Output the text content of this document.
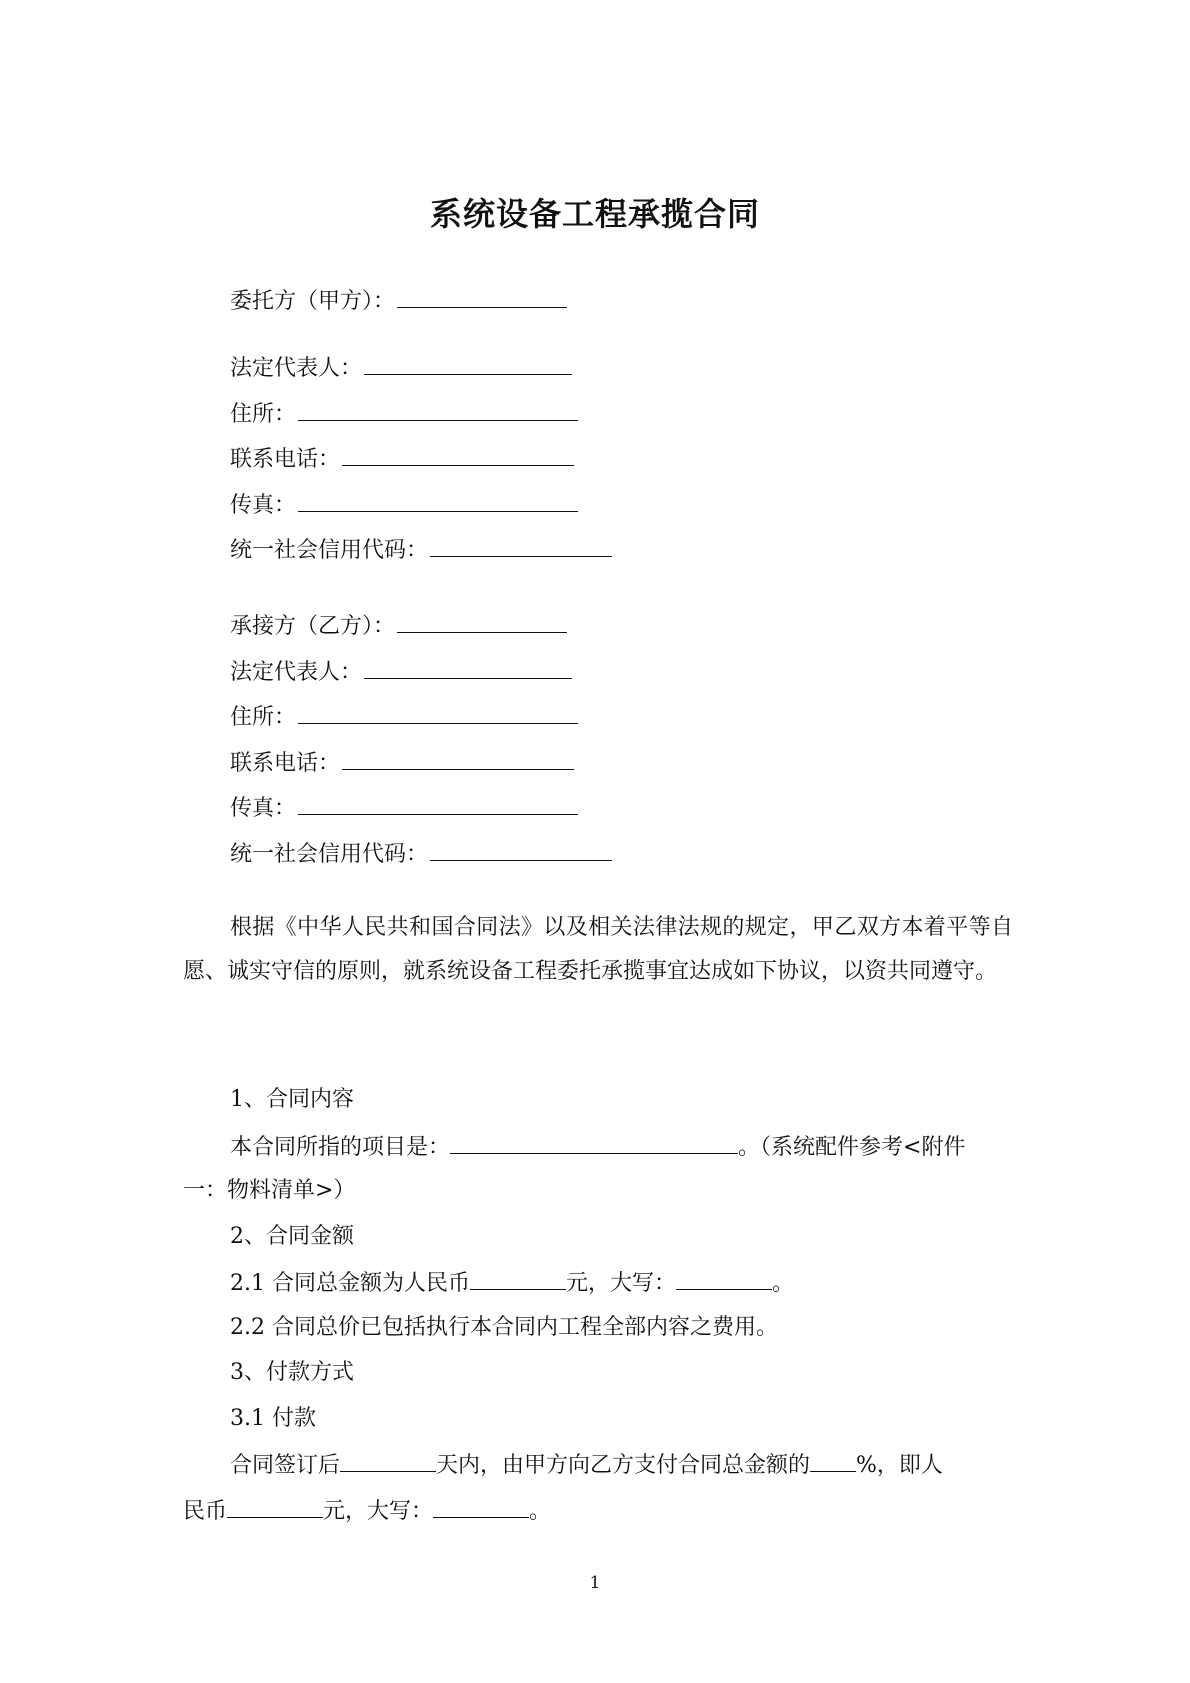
系统设备工程承揽合同
委托方（甲方）：
法定代表人：
住所：
联系电话：
传真：
统一社会信用代码：
承接方（乙方）：
法定代表人：
住所：
联系电话：
传真：
统一社会信用代码：
根据《中华人民共和国合同法》以及相关法律法规的规定，甲乙双方本着平等自愿、诚实守信的原则，就系统设备工程委托承揽事宜达成如下协议，以资共同遵守。
1、合同内容
本合同所指的项目是：	。（系统配件参考<附件
一：物料清单>）
2、合同金额
2.1 合同总金额为人民币	元，大写：	。
2.2 合同总价已包括执行本合同内工程全部内容之费用。
3、付款方式
3.1 付款
合同签订后	天内，由甲方向乙方支付合同总金额的 %，即人
民币	元，大写：	。
1
